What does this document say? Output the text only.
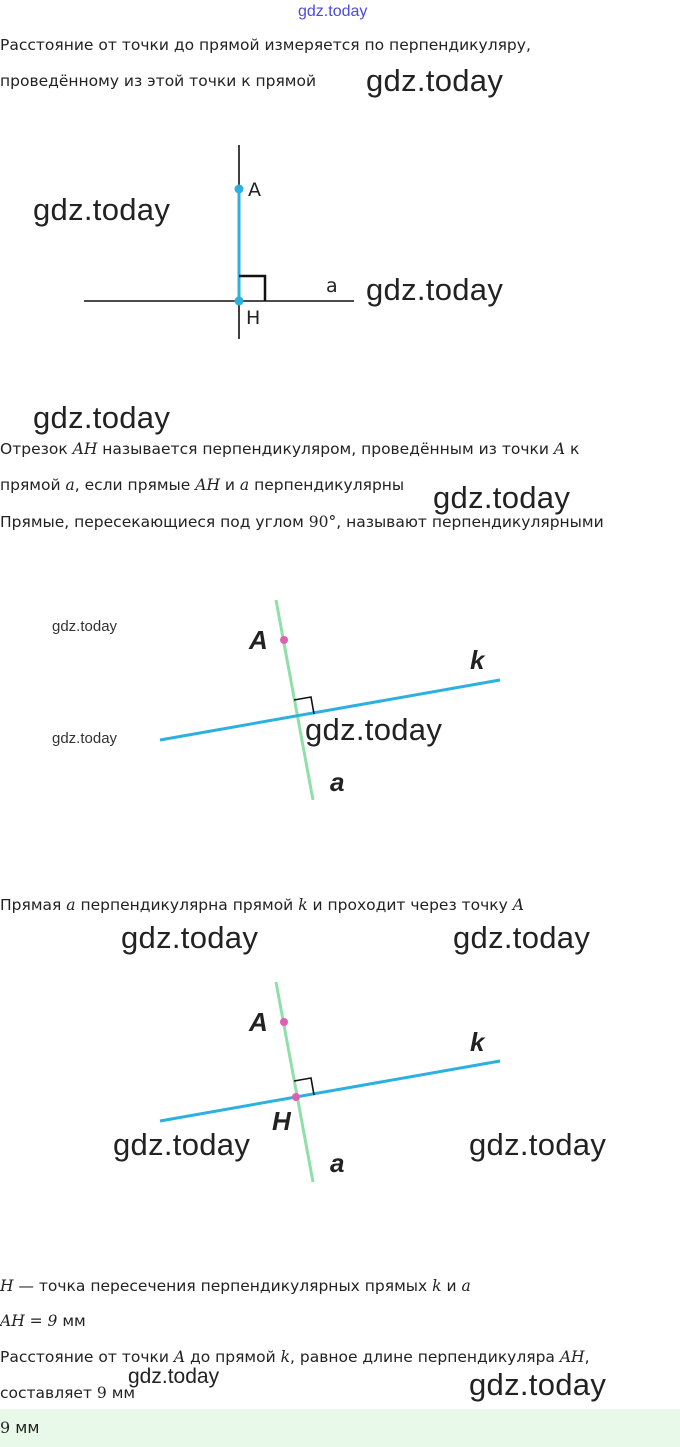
gdz.today
Расстояние от точки до прямой измеряется по перпендикуляру,
проведённому из этой точки к прямой gdz.today
A
H
a
gdz.today
gdz.today
gdz.today
Отрезок AH называется перпендикуляром, проведённым из точки A к
прямой a, если прямые AH и a перпендикулярны gdz.today
Прямые, пересекающиеся под углом 90°, называют перпендикулярными
gdz.today
gdz.today
A
k
a
gdz.today
Прямая a перпендикулярна прямой k и проходит через точку A
gdz.today	gdz.today
A
k
H
a
gdz.today	gdz.today
H — точка пересечения перпендикулярных прямых k и a
AH = 9 мм
Расстояние от точки A до прямой k, равное длине перпендикуляра AH,
составляет 9 мм
gdz.today	gdz.today
9 мм
